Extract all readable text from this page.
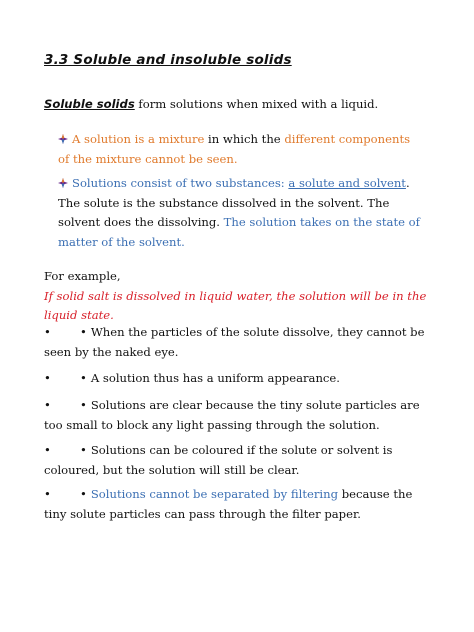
3.3 Soluble and insoluble solids
Soluble solids form solutions when mixed with a liquid.
A solution is a mixture in which the different components of the mixture cannot be seen.
Solutions consist of two substances: a solute and solvent. The solute is the substance dissolved in the solvent. The solvent does the dissolving. The solution takes on the state of matter of the solvent.
For example,
If solid salt is dissolved in liquid water, the solution will be in the liquid state.
•	• When the particles of the solute dissolve, they cannot be seen by the naked eye.
•	• A solution thus has a uniform appearance.
•	• Solutions are clear because the tiny solute particles are too small to block any light passing through the solution.
•	• Solutions can be coloured if the solute or solvent is coloured, but the solution will still be clear.
•	• Solutions cannot be separated by filtering because the tiny solute particles can pass through the filter paper.
